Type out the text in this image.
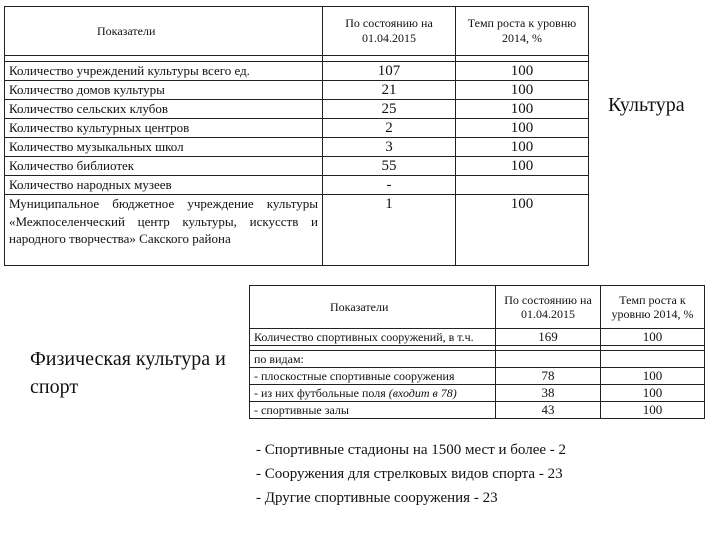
Показатели	По состоянию на 01.04.2015	Темп роста к уровню 2014, %

Количество учреждений культуры всего ед.	107	100
Количество домов культуры	21	100
Количество сельских клубов	25	100
Количество культурных центров	2	100
Количество музыкальных школ	3	100
Количество библиотек	55	100
Количество народных музеев	-	
Муниципальное бюджетное учреждение культуры «Межпоселенческий центр культуры, искусств и народного творчества» Сакского района	1	100
Культура
Показатели	По состоянию на 01.04.2015	Темп роста к уровню 2014, %
Количество спортивных сооружений, в т.ч.	169	100

по видам:		
- плоскостные спортивные сооружения	78	100
- из них футбольные поля (входит в 78)	38	100
- спортивные залы	43	100
Физическая культура и спорт
- Спортивные стадионы на 1500 мест и более - 2
- Сооружения для стрелковых видов спорта - 23
- Другие спортивные сооружения - 23
